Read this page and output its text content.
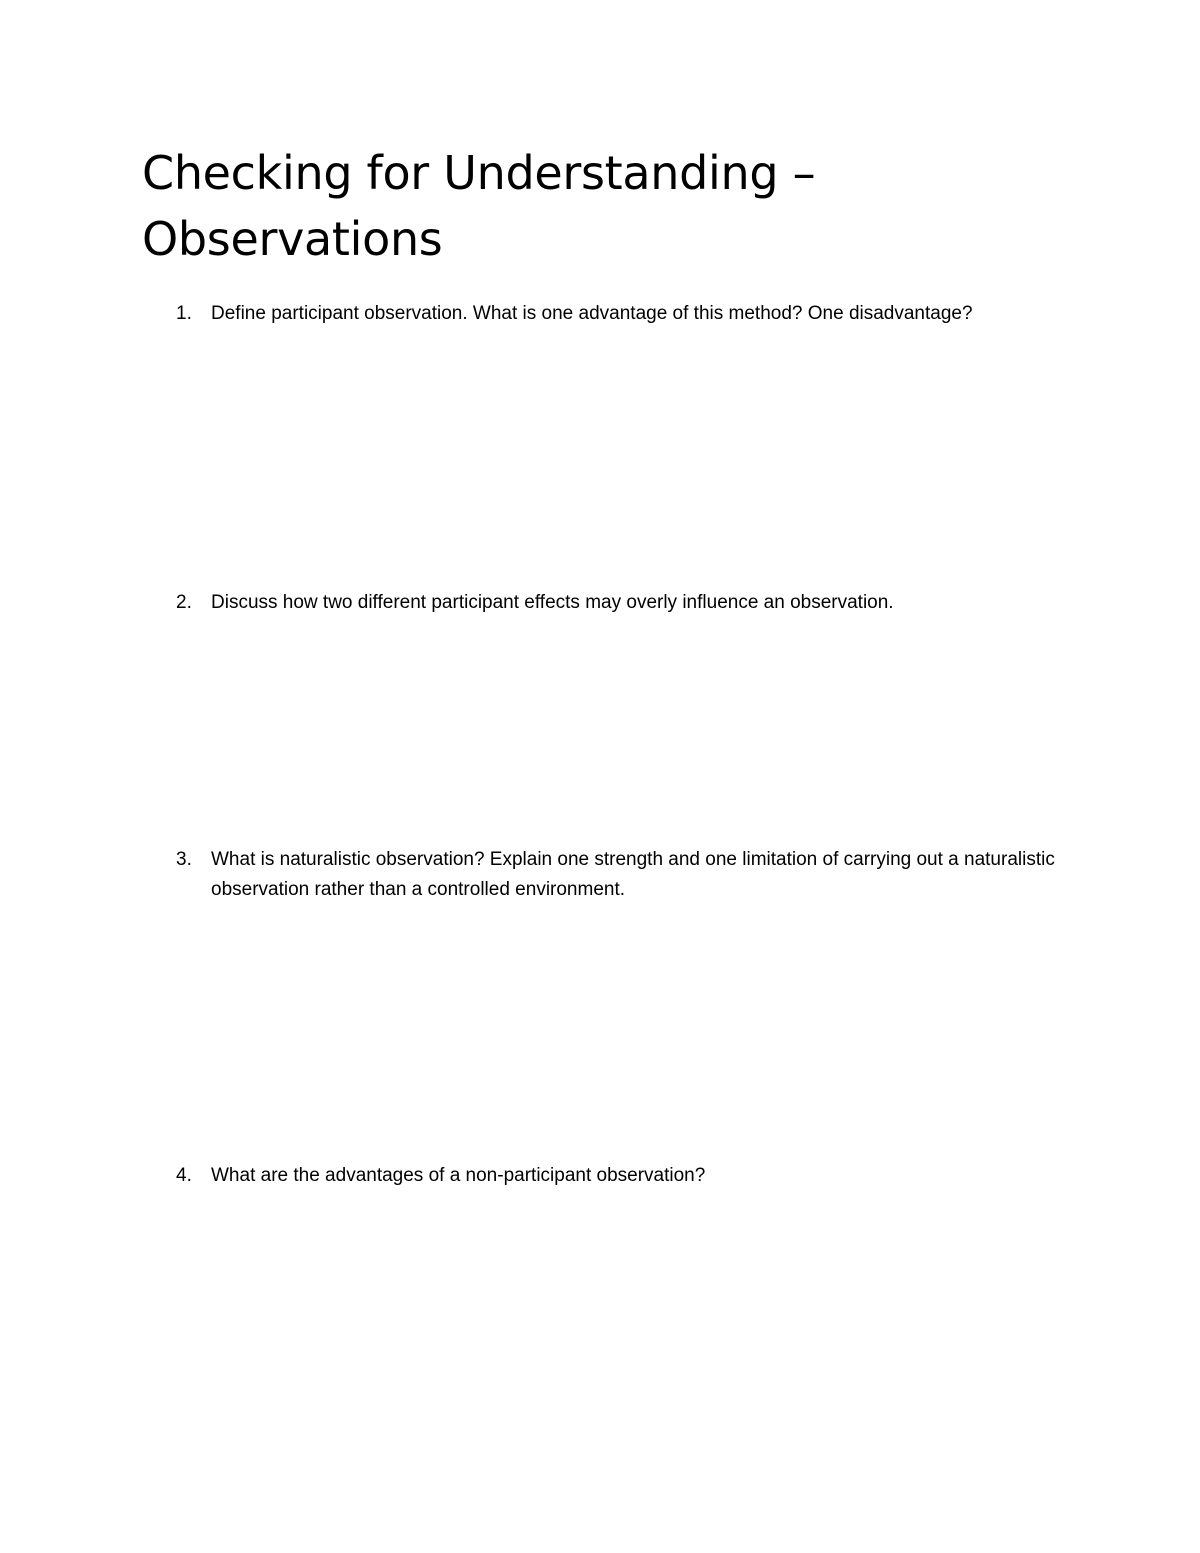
Checking for Understanding – Observations
1. Define participant observation. What is one advantage of this method? One disadvantage?
2. Discuss how two different participant effects may overly influence an observation.
3. What is naturalistic observation? Explain one strength and one limitation of carrying out a naturalistic observation rather than a controlled environment.
4. What are the advantages of a non-participant observation?
